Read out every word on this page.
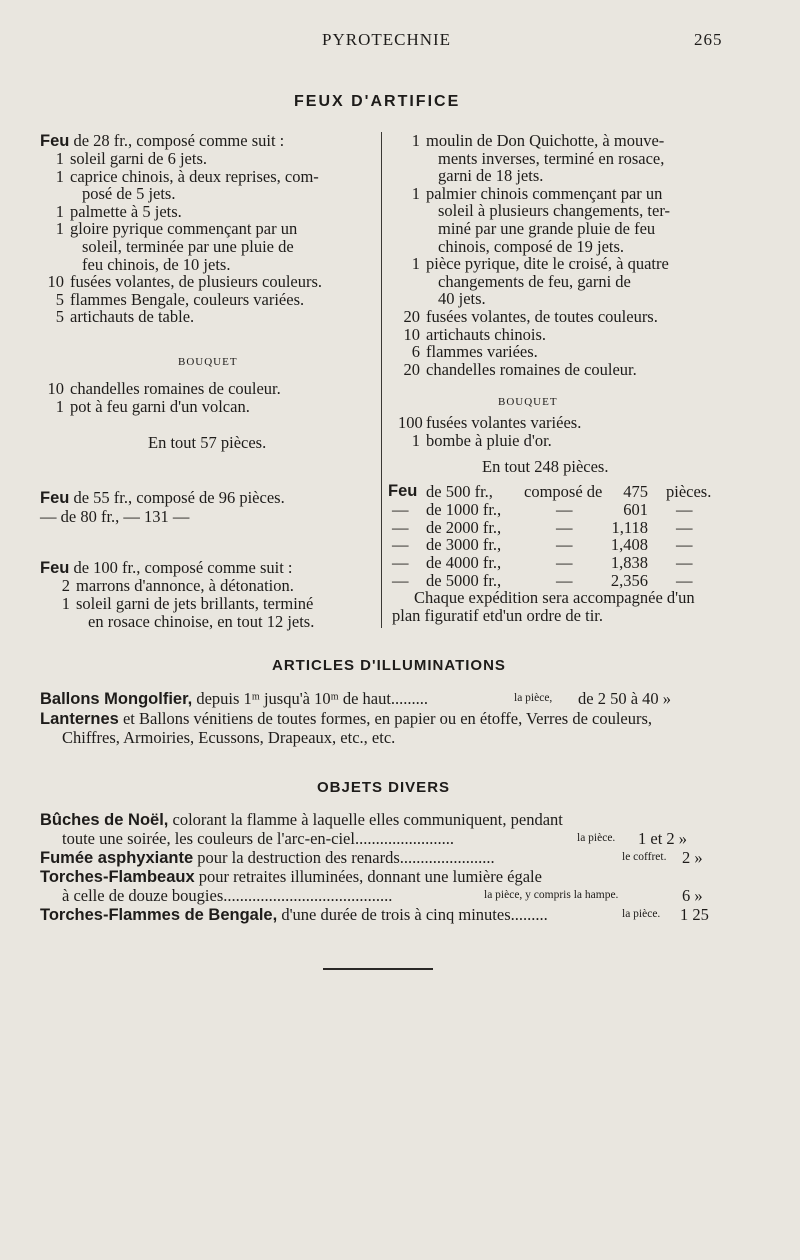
PYROTECHNIE	265
FEUX D'ARTIFICE
Feu de 28 fr., composé comme suit :
1 soleil garni de 6 jets.
1 caprice chinois, à deux reprises, com-
posé de 5 jets.
1 palmette à 5 jets.
1 gloire pyrique commençant par un
soleil, terminée par une pluie de
feu chinois, de 10 jets.
10 fusées volantes, de plusieurs couleurs.
5 flammes Bengale, couleurs variées.
5 artichauts de table.
BOUQUET
10 chandelles romaines de couleur.
1 pot à feu garni d'un volcan.
En tout 57 pièces.
Feu de 55 fr., composé de 96 pièces.
— de 80 fr., — 131 —
Feu de 100 fr., composé comme suit :
2 marrons d'annonce, à détonation.
1 soleil garni de jets brillants, terminé
en rosace chinoise, en tout 12 jets.
1 moulin de Don Quichotte, à mouve-
ments inverses, terminé en rosace,
garni de 18 jets.
1 palmier chinois commençant par un
soleil à plusieurs changements, ter-
miné par une grande pluie de feu
chinois, composé de 19 jets.
1 pièce pyrique, dite le croisé, à quatre
changements de feu, garni de
40 jets.
20 fusées volantes, de toutes couleurs.
10 artichauts chinois.
6 flammes variées.
20 chandelles romaines de couleur.
BOUQUET
100 fusées volantes variées.
1 bombe à pluie d'or.
En tout 248 pièces.
Feu de 500 fr., composé de	475 pièces.
— de 1000 fr.,	—	601 —
— de 2000 fr.,	—	1,118 —
— de 3000 fr.,	—	1,408 —
— de 4000 fr.,	—	1,838 —
— de 5000 fr.,	—	2,356 —
Chaque expédition sera accompagnée d'un
plan figuratif etd'un ordre de tir.
ARTICLES D'ILLUMINATIONS
Ballons Mongolfier, depuis 1ᵐ jusqu'à 10ᵐ de haut.........	la pièce, de 2 50 à 40 »
Lanternes et Ballons vénitiens de toutes formes, en papier ou en étoffe, Verres de couleurs,
Chiffres, Armoiries, Ecussons, Drapeaux, etc., etc.
OBJETS DIVERS
Bûches de Noël, colorant la flamme à laquelle elles communiquent, pendant
toute une soirée, les couleurs de l'arc-en-ciel........................	la pièce. 1 et 2 »
Fumée asphyxiante pour la destruction des renards.......................	le coffret. 2 »
Torches-Flambeaux pour retraites illuminées, donnant une lumière égale
à celle de douze bougies.........................................	la pièce, y compris la hampe.	6 »
Torches-Flammes de Bengale, d'une durée de trois à cinq minutes.........	la pièce. 1 25
